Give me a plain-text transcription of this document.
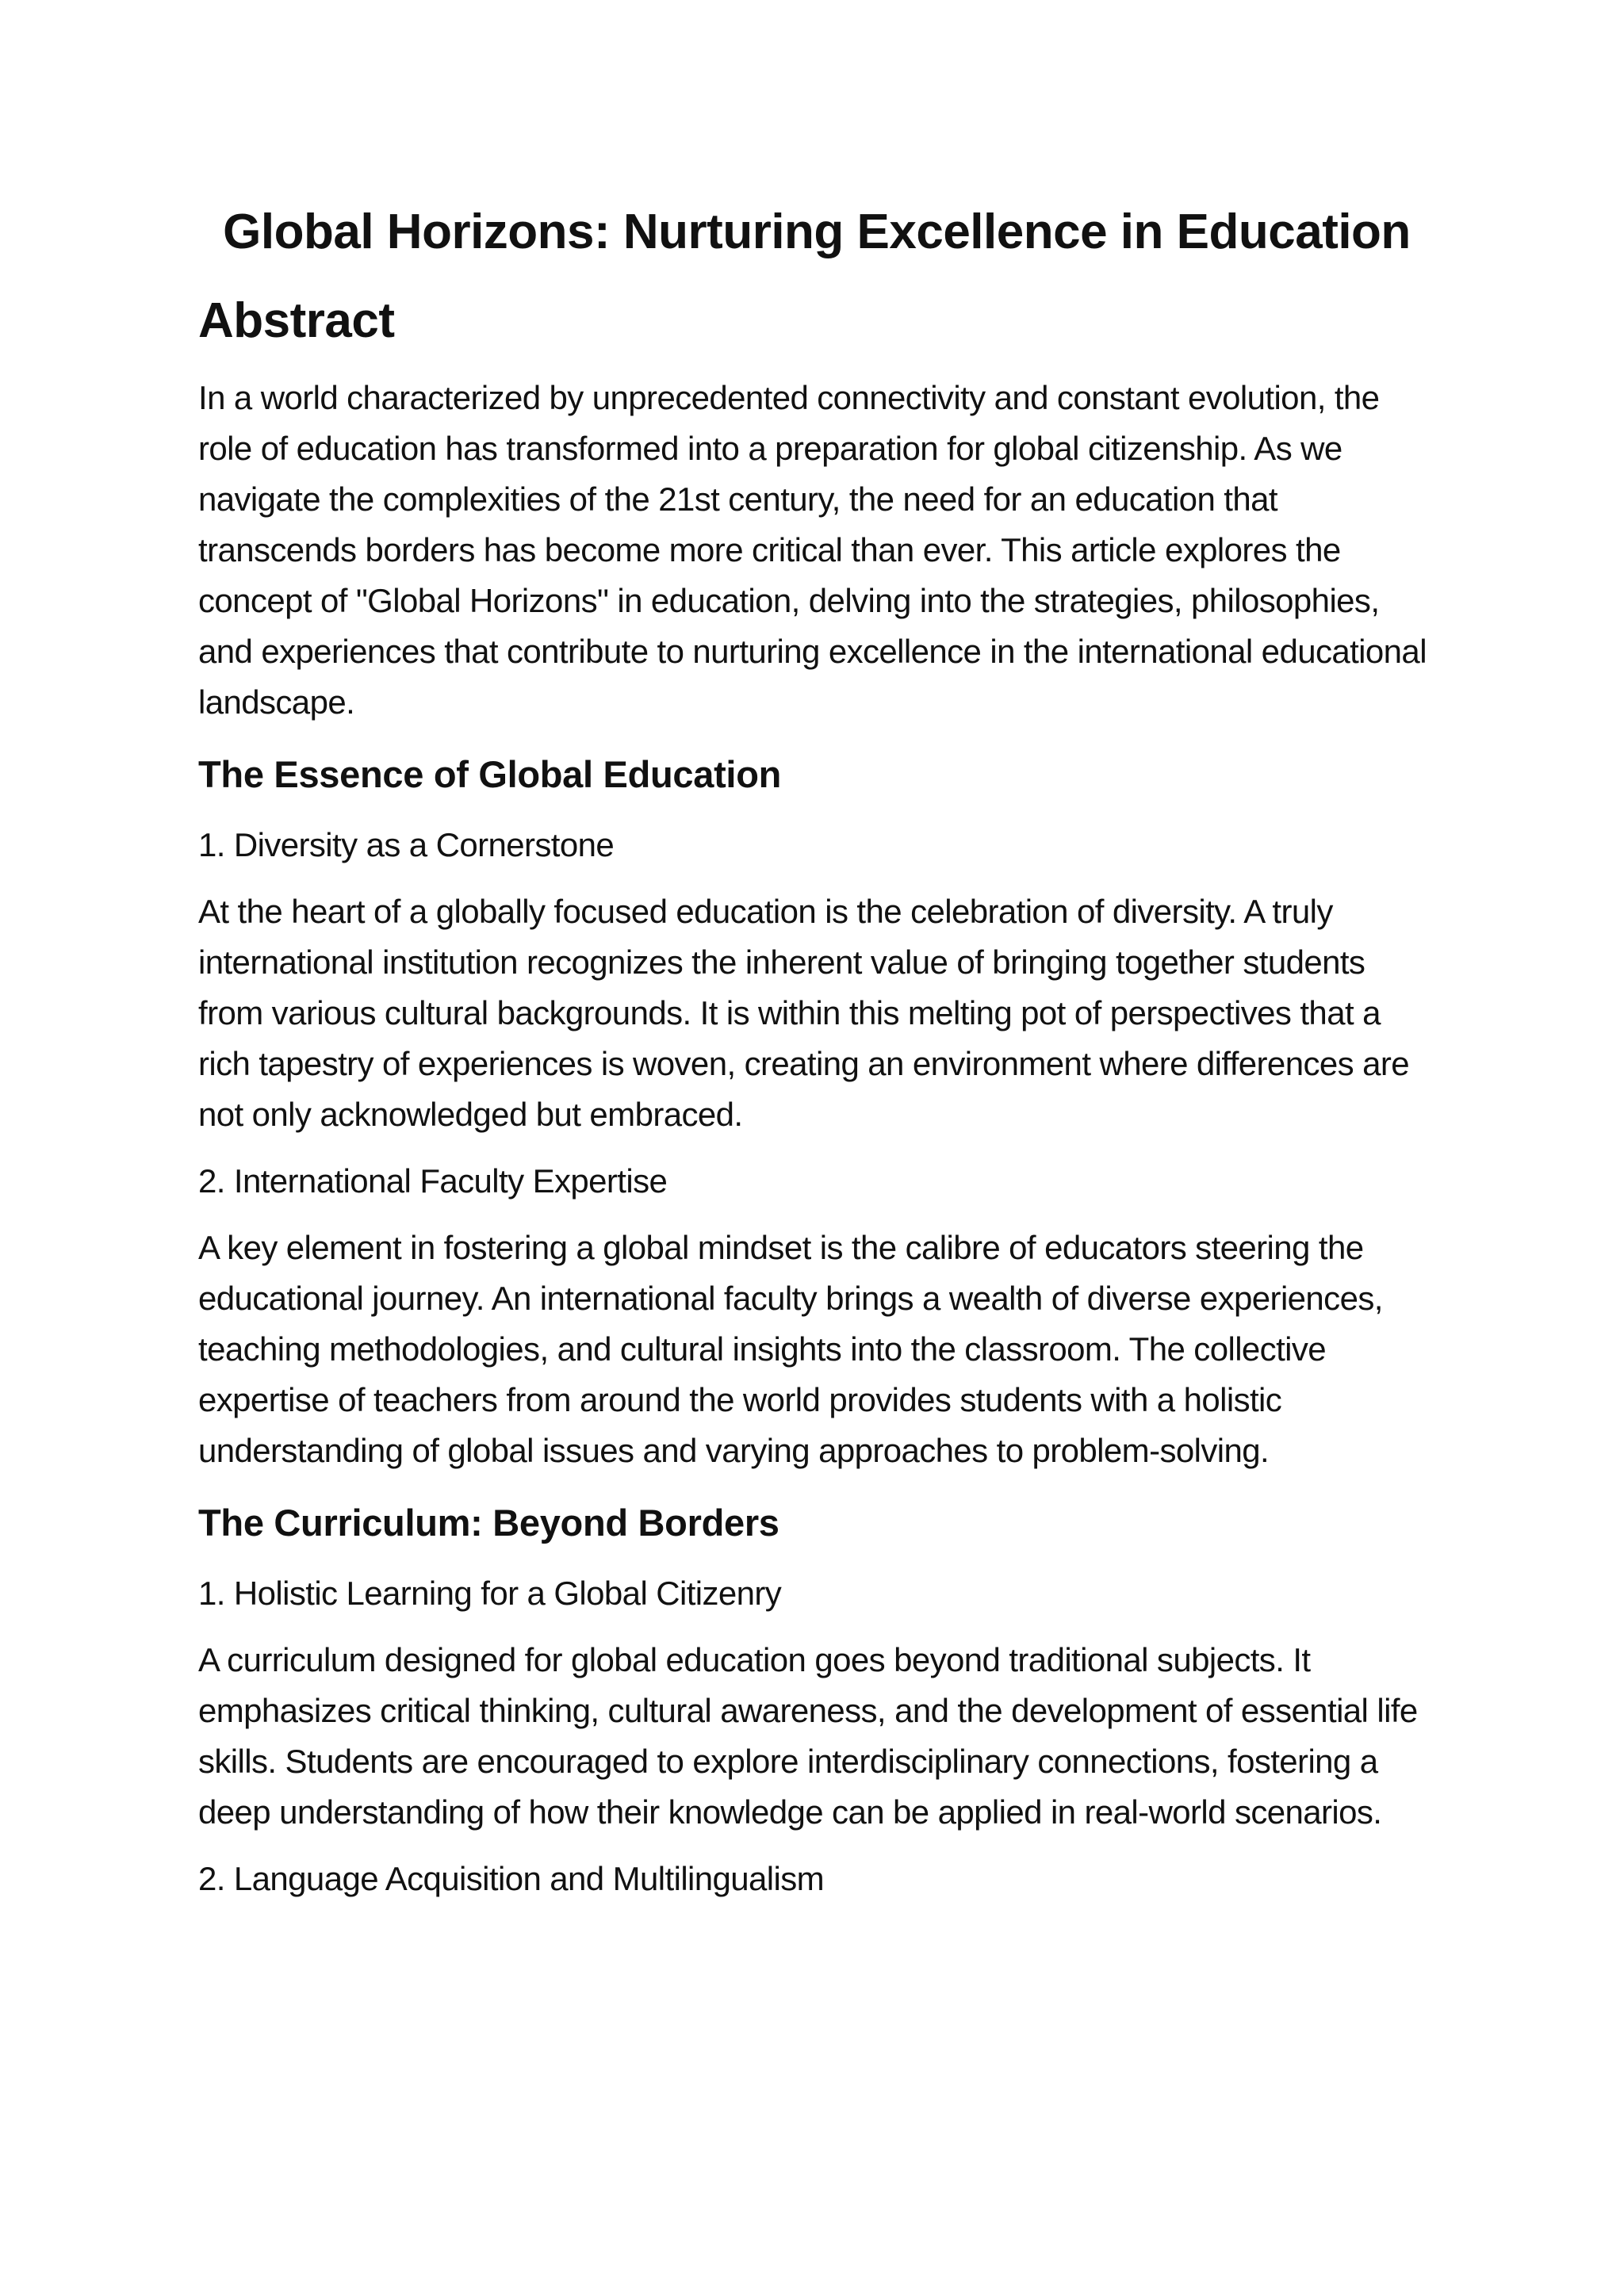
Global Horizons: Nurturing Excellence in Education
Abstract

In a world characterized by unprecedented connectivity and constant evolution, the role of education has transformed into a preparation for global citizenship. As we navigate the complexities of the 21st century, the need for an education that transcends borders has become more critical than ever. This article explores the concept of "Global Horizons" in education, delving into the strategies, philosophies, and experiences that contribute to nurturing excellence in the international educational landscape.

The Essence of Global Education

1. Diversity as a Cornerstone

At the heart of a globally focused education is the celebration of diversity. A truly international institution recognizes the inherent value of bringing together students from various cultural backgrounds. It is within this melting pot of perspectives that a rich tapestry of experiences is woven, creating an environment where differences are not only acknowledged but embraced.

2. International Faculty Expertise

A key element in fostering a global mindset is the calibre of educators steering the educational journey. An international faculty brings a wealth of diverse experiences, teaching methodologies, and cultural insights into the classroom. The collective expertise of teachers from around the world provides students with a holistic understanding of global issues and varying approaches to problem-solving.

The Curriculum: Beyond Borders

1. Holistic Learning for a Global Citizenry

A curriculum designed for global education goes beyond traditional subjects. It emphasizes critical thinking, cultural awareness, and the development of essential life skills. Students are encouraged to explore interdisciplinary connections, fostering a deep understanding of how their knowledge can be applied in real-world scenarios.

2. Language Acquisition and Multilingualism
